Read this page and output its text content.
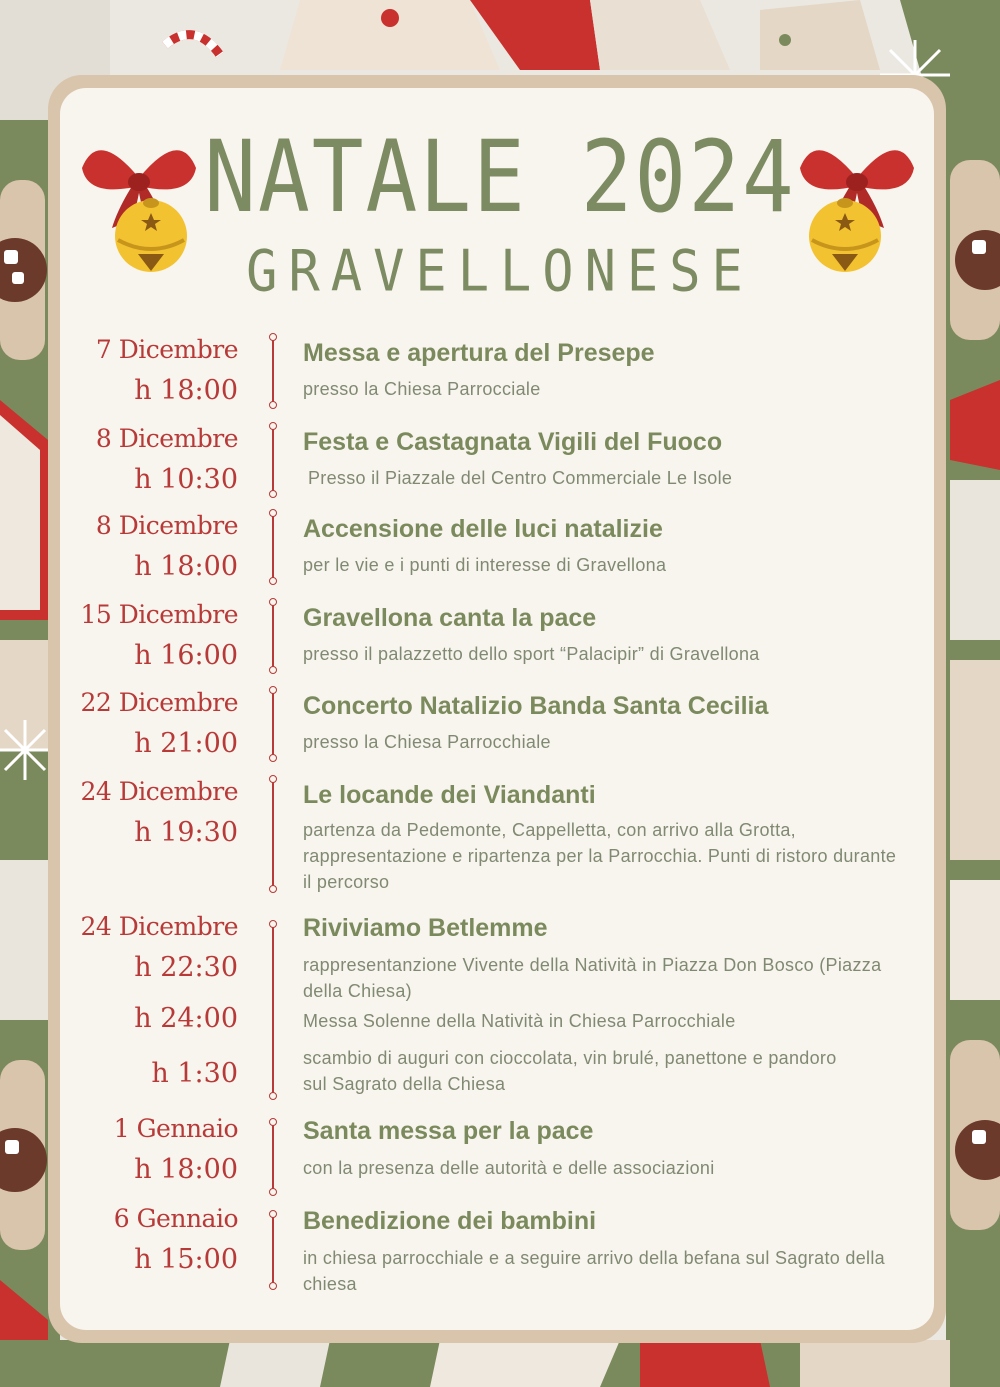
NATALE 2024
GRAVELLONESE
7 Dicembre
h 18:00
Messa e apertura del Presepe
presso la Chiesa Parrocciale
8 Dicembre
h 10:30
Festa e Castagnata Vigili del Fuoco
Presso il Piazzale del Centro Commerciale Le Isole
8 Dicembre
h 18:00
Accensione delle luci natalizie
per le vie e i punti di interesse di Gravellona
15 Dicembre
h 16:00
Gravellona canta la pace
presso il palazzetto dello sport “Palacipir” di Gravellona
22 Dicembre
h 21:00
Concerto Natalizio Banda Santa Cecilia
presso la Chiesa Parrocchiale
24 Dicembre
h 19:30
Le locande dei Viandanti
partenza da Pedemonte, Cappelletta, con arrivo alla Grotta, rappresentazione e ripartenza per la Parrocchia. Punti di ristoro durante il percorso
24 Dicembre
h 22:30
h 24:00
h 1:30
Riviviamo Betlemme
rappresentanzione Vivente della Natività in Piazza Don Bosco (Piazza della Chiesa)
Messa Solenne della Natività in Chiesa Parrocchiale
scambio di auguri con cioccolata, vin brulé, panettone e pandoro sul Sagrato della Chiesa
1 Gennaio
h 18:00
Santa messa per la pace
con la presenza delle autorità e delle associazioni
6 Gennaio
h 15:00
Benedizione dei bambini
in chiesa parrocchiale e a seguire arrivo della befana sul Sagrato della chiesa
